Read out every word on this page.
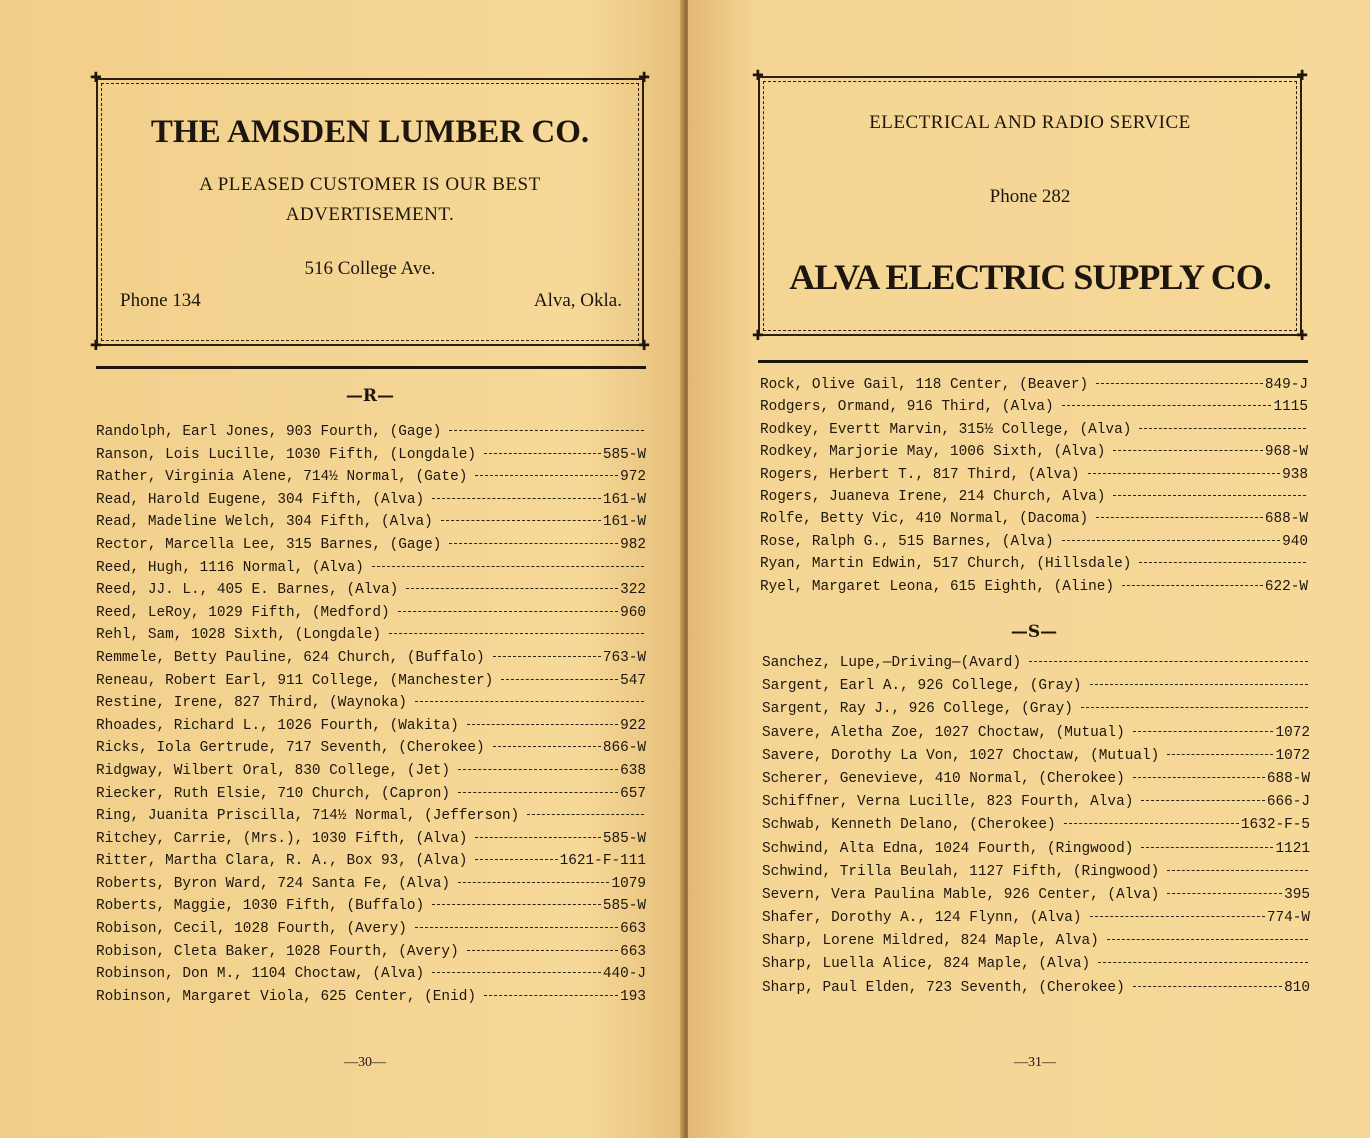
✚	✚
✚	✚
THE AMSDEN LUMBER CO.
A PLEASED CUSTOMER IS OUR BEST
ADVERTISEMENT.
516 College Ave.
Phone 134	Alva, Okla.
—R—
Randolph, Earl Jones, 903 Fourth, (Gage)
Ranson, Lois Lucille, 1030 Fifth, (Longdale)	585-W
Rather, Virginia Alene, 714½ Normal, (Gate)	972
Read, Harold Eugene, 304 Fifth, (Alva)	161-W
Read, Madeline Welch, 304 Fifth, (Alva)	161-W
Rector, Marcella Lee, 315 Barnes, (Gage)	982
Reed, Hugh, 1116 Normal, (Alva)
Reed, JJ. L., 405 E. Barnes, (Alva)	322
Reed, LeRoy, 1029 Fifth, (Medford)	960
Rehl, Sam, 1028 Sixth, (Longdale)
Remmele, Betty Pauline, 624 Church, (Buffalo)	763-W
Reneau, Robert Earl, 911 College, (Manchester)	547
Restine, Irene, 827 Third, (Waynoka)
Rhoades, Richard L., 1026 Fourth, (Wakita)	922
Ricks, Iola Gertrude, 717 Seventh, (Cherokee)	866-W
Ridgway, Wilbert Oral, 830 College, (Jet)	638
Riecker, Ruth Elsie, 710 Church, (Capron)	657
Ring, Juanita Priscilla, 714½ Normal, (Jefferson)
Ritchey, Carrie, (Mrs.), 1030 Fifth, (Alva)	585-W
Ritter, Martha Clara, R. A., Box 93, (Alva)	1621-F-111
Roberts, Byron Ward, 724 Santa Fe, (Alva)	1079
Roberts, Maggie, 1030 Fifth, (Buffalo)	585-W
Robison, Cecil, 1028 Fourth, (Avery)	663
Robison, Cleta Baker, 1028 Fourth, (Avery)	663
Robinson, Don M., 1104 Choctaw, (Alva)	440-J
Robinson, Margaret Viola, 625 Center, (Enid)	193
—30—
✚	✚
✚	✚
ELECTRICAL AND RADIO SERVICE
Phone 282
ALVA ELECTRIC SUPPLY CO.
Rock, Olive Gail, 118 Center, (Beaver)	849-J
Rodgers, Ormand, 916 Third, (Alva)	1115
Rodkey, Evertt Marvin, 315½ College, (Alva)
Rodkey, Marjorie May, 1006 Sixth, (Alva)	968-W
Rogers, Herbert T., 817 Third, (Alva)	938
Rogers, Juaneva Irene, 214 Church, Alva)
Rolfe, Betty Vic, 410 Normal, (Dacoma)	688-W
Rose, Ralph G., 515 Barnes, (Alva)	940
Ryan, Martin Edwin, 517 Church, (Hillsdale)
Ryel, Margaret Leona, 615 Eighth, (Aline)	622-W
—S—
Sanchez, Lupe,—Driving—(Avard)
Sargent, Earl A., 926 College, (Gray)
Sargent, Ray J., 926 College, (Gray)
Savere, Aletha Zoe, 1027 Choctaw, (Mutual)	1072
Savere, Dorothy La Von, 1027 Choctaw, (Mutual)	1072
Scherer, Genevieve, 410 Normal, (Cherokee)	688-W
Schiffner, Verna Lucille, 823 Fourth, Alva)	666-J
Schwab, Kenneth Delano, (Cherokee)	1632-F-5
Schwind, Alta Edna, 1024 Fourth, (Ringwood)	1121
Schwind, Trilla Beulah, 1127 Fifth, (Ringwood)
Severn, Vera Paulina Mable, 926 Center, (Alva)	395
Shafer, Dorothy A., 124 Flynn, (Alva)	774-W
Sharp, Lorene Mildred, 824 Maple, Alva)
Sharp, Luella Alice, 824 Maple, (Alva)
Sharp, Paul Elden, 723 Seventh, (Cherokee)	810
—31—
